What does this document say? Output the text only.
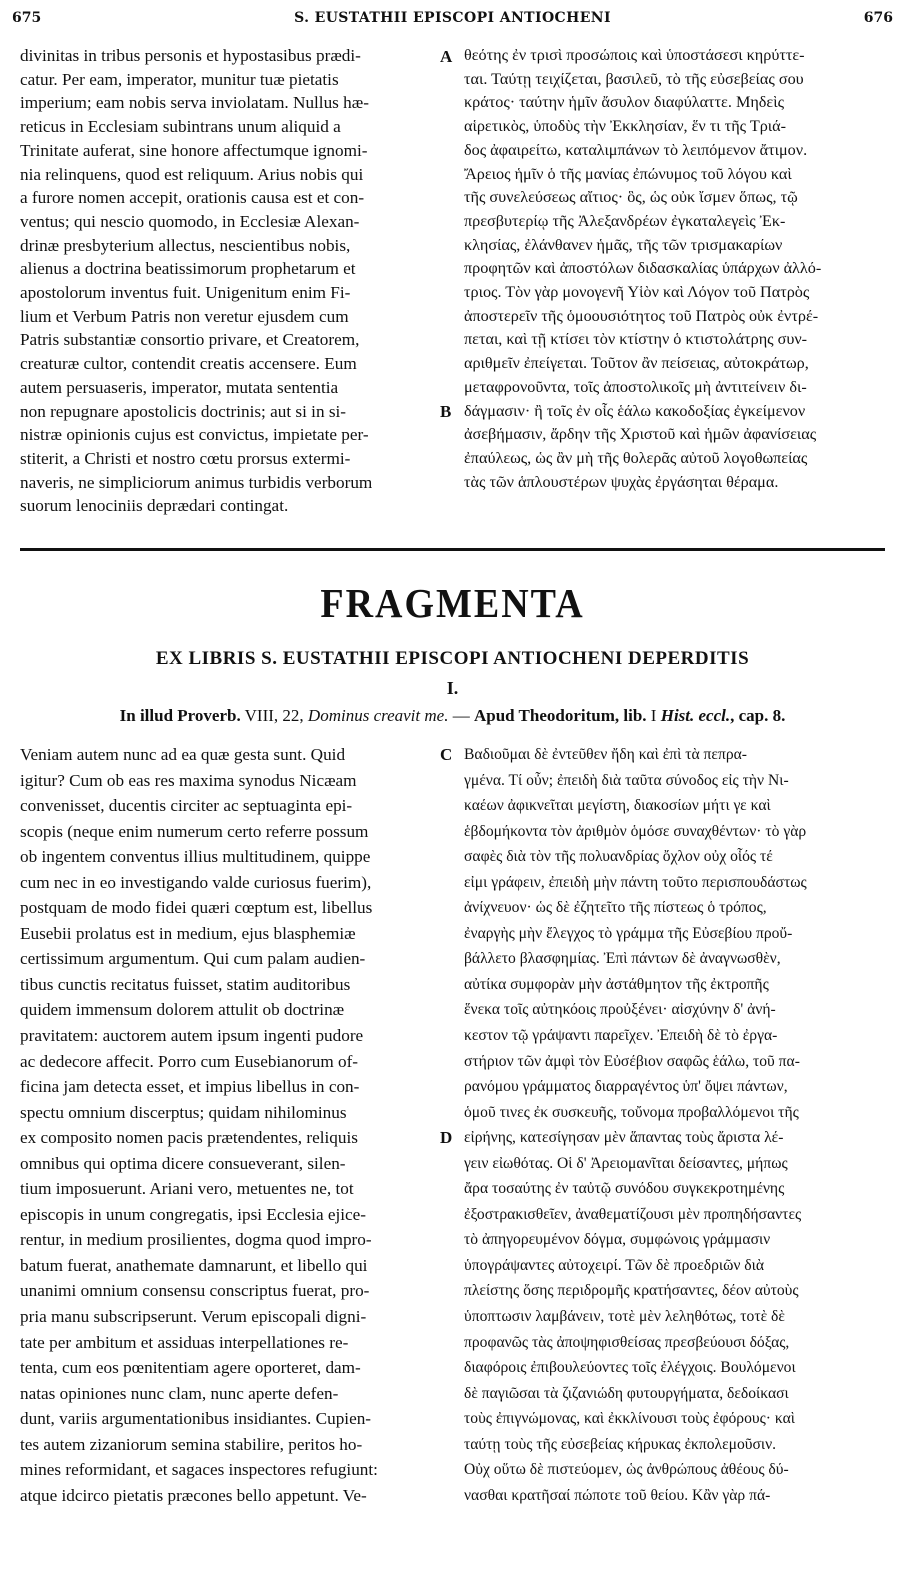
675	S. EUSTATHII EPISCOPI ANTIOCHENI	676
divinitas in tribus personis et hypostasibus prædi-
catur. Per eam, imperator, munitur tuæ pietatis
imperium; eam nobis serva inviolatam. Nullus hæ-
reticus in Ecclesiam subintrans unum aliquid a
Trinitate auferat, sine honore affectumque ignomi-
nia relinquens, quod est reliquum. Arius nobis qui
a furore nomen accepit, orationis causa est et con-
ventus; qui nescio quomodo, in Ecclesiæ Alexan-
drinæ presbyterium allectus, nescientibus nobis,
alienus a doctrina beatissimorum prophetarum et
apostolorum inventus fuit. Unigenitum enim Fi-
lium et Verbum Patris non veretur ejusdem cum
Patris substantiæ consortio privare, et Creatorem,
creaturæ cultor, contendit creatis accensere. Eum
autem persuaseris, imperator, mutata sententia
non repugnare apostolicis doctrinis; aut si in si-
nistræ opinionis cujus est convictus, impietate per-
stiterit, a Christi et nostro cœtu prorsus extermi-
naveris, ne simpliciorum animus turbidis verborum
suorum lenociniis deprædari contingat.
θεότης ἐν τρισὶ προσώποις καὶ ὑποστάσεσι κηρύττε-
ται. Ταύτῃ τειχίζεται, βασιλεῦ, τὸ τῆς εὐσεβείας σου
κράτος· ταύτην ἡμῖν ἄσυλον διαφύλαττε. Μηδεὶς
αἱρετικὸς, ὑποδὺς τὴν Ἐκκλησίαν, ἕν τι τῆς Τριά-
δος ἀφαιρείτω, καταλιμπάνων τὸ λειπόμενον ἄτιμον.
Ἄρειος ἡμῖν ὁ τῆς μανίας ἐπώνυμος τοῦ λόγου καὶ
τῆς συνελεύσεως αἴτιος· ὃς, ὡς οὐκ ἴσμεν ὅπως, τῷ
πρεσβυτερίῳ τῆς Ἀλεξανδρέων ἐγκαταλεγεὶς Ἐκ-
κλησίας, ἐλάνθανεν ἡμᾶς, τῆς τῶν τρισμακαρίων
προφητῶν καὶ ἀποστόλων διδασκαλίας ὑπάρχων ἀλλό-
τριος. Τὸν γὰρ μονογενῆ Υἱὸν καὶ Λόγον τοῦ Πατρὸς
ἀποστερεῖν τῆς ὁμοουσιότητος τοῦ Πατρὸς οὐκ ἐντρέ-
πεται, καὶ τῇ κτίσει τὸν κτίστην ὁ κτιστολάτρης συν-
αριθμεῖν ἐπείγεται. Τοῦτον ἂν πείσειας, αὐτοκράτωρ,
μεταφρονοῦντα, τοῖς ἀποστολικοῖς μὴ ἀντιτείνειν δι-
δάγμασιν· ἢ τοῖς ἐν οἷς ἑάλω κακοδοξίας ἐγκείμενον
ἀσεβήμασιν, ἄρδην τῆς Χριστοῦ καὶ ἡμῶν ἀφανίσειας
ἐπαύλεως, ὡς ἂν μὴ τῆς θολερᾶς αὐτοῦ λογοθωπείας
τὰς τῶν ἁπλουστέρων ψυχὰς ἐργάσηται θέραμα.
A
B
FRAGMENTA
EX LIBRIS S. EUSTATHII EPISCOPI ANTIOCHENI DEPERDITIS
I.
In illud Proverb. VIII, 22, Dominus creavit me. — Apud Theodoritum, lib. I Hist. eccl., cap. 8.
Veniam autem nunc ad ea quæ gesta sunt. Quid
igitur? Cum ob eas res maxima synodus Nicæam
convenisset, ducentis circiter ac septuaginta epi-
scopis (neque enim numerum certo referre possum
ob ingentem conventus illius multitudinem, quippe
cum nec in eo investigando valde curiosus fuerim),
postquam de modo fidei quæri cœptum est, libellus
Eusebii prolatus est in medium, ejus blasphemiæ
certissimum argumentum. Qui cum palam audien-
tibus cunctis recitatus fuisset, statim auditoribus
quidem immensum dolorem attulit ob doctrinæ
pravitatem: auctorem autem ipsum ingenti pudore
ac dedecore affecit. Porro cum Eusebianorum of-
ficina jam detecta esset, et impius libellus in con-
spectu omnium discerptus; quidam nihilominus
ex composito nomen pacis prætendentes, reliquis
omnibus qui optima dicere consueverant, silen-
tium imposuerunt. Ariani vero, metuentes ne, tot
episcopis in unum congregatis, ipsi Ecclesia ejice-
rentur, in medium prosilientes, dogma quod impro-
batum fuerat, anathemate damnarunt, et libello qui
unanimi omnium consensu conscriptus fuerat, pro-
pria manu subscripserunt. Verum episcopali digni-
tate per ambitum et assiduas interpellationes re-
tenta, cum eos pœnitentiam agere oporteret, dam-
natas opiniones nunc clam, nunc aperte defen-
dunt, variis argumentationibus insidiantes. Cupien-
tes autem zizaniorum semina stabilire, peritos ho-
mines reformidant, et sagaces inspectores refugiunt:
atque idcirco pietatis præcones bello appetunt. Ve-
Βαδιοῦμαι δὲ ἐντεῦθεν ἤδη καὶ ἐπὶ τὰ πεπρα-
γμένα. Τί οὖν; ἐπειδὴ διὰ ταῦτα σύνοδος εἰς τὴν Νι-
καέων ἀφικνεῖται μεγίστη, διακοσίων μήτι γε καὶ
ἑβδομήκοντα τὸν ἀριθμὸν ὁμόσε συναχθέντων· τὸ γὰρ
σαφὲς διὰ τὸν τῆς πολυανδρίας ὄχλον οὐχ οἷός τέ
εἰμι γράφειν, ἐπειδὴ μὴν πάντη τοῦτο περισπουδάστως
ἀνίχνευον· ὡς δὲ ἐζητεῖτο τῆς πίστεως ὁ τρόπος,
ἐναργὴς μὴν ἔλεγχος τὸ γράμμα τῆς Εὐσεβίου προὔ-
βάλλετο βλασφημίας. Ἐπὶ πάντων δὲ ἀναγνωσθὲν,
αὐτίκα συμφορὰν μὴν ἀστάθμητον τῆς ἐκτροπῆς
ἕνεκα τοῖς αὐτηκόοις προὐξένει· αἰσχύνην δ' ἀνή-
κεστον τῷ γράψαντι παρεῖχεν. Ἐπειδὴ δὲ τὸ ἐργα-
στήριον τῶν ἀμφὶ τὸν Εὐσέβιον σαφῶς ἑάλω, τοῦ πα-
ρανόμου γράμματος διαρραγέντος ὑπ' ὄψει πάντων,
ὁμοῦ τινες ἐκ συσκευῆς, τοὔνομα προβαλλόμενοι τῆς
εἰρήνης, κατεσίγησαν μὲν ἅπαντας τοὺς ἄριστα λέ-
γειν εἰωθότας. Οἱ δ' Ἀρειομανῖται δείσαντες, μήπως
ἄρα τοσαύτης ἐν ταὐτῷ συνόδου συγκεκροτημένης
ἐξοστρακισθεῖεν, ἀναθεματίζουσι μὲν προπηδήσαντες
τὸ ἀπηγορευμένον δόγμα, συμφώνοις γράμμασιν
ὑπογράψαντες αὐτοχειρί. Τῶν δὲ προεδριῶν διὰ
πλείστης ὅσης περιδρομῆς κρατήσαντες, δέον αὐτοὺς
ὑποπτωσιν λαμβάνειν, τοτὲ μὲν λεληθότως, τοτὲ δὲ
προφανῶς τὰς ἀποψηφισθείσας πρεσβεύουσι δόξας,
διαφόροις ἐπιβουλεύοντες τοῖς ἐλέγχοις. Βουλόμενοι
δὲ παγιῶσαι τὰ ζιζανιώδη φυτουργήματα, δεδοίκασι
τοὺς ἐπιγνώμονας, καὶ ἐκκλίνουσι τοὺς ἐφόρους· καὶ
ταύτῃ τοὺς τῆς εὐσεβείας κήρυκας ἐκπολεμοῦσιν.
Οὐχ οὕτω δὲ πιστεύομεν, ὡς ἀνθρώπους ἀθέους δύ-
νασθαι κρατῆσαί πώποτε τοῦ θείου. Κἂν γὰρ πά-
C
D
